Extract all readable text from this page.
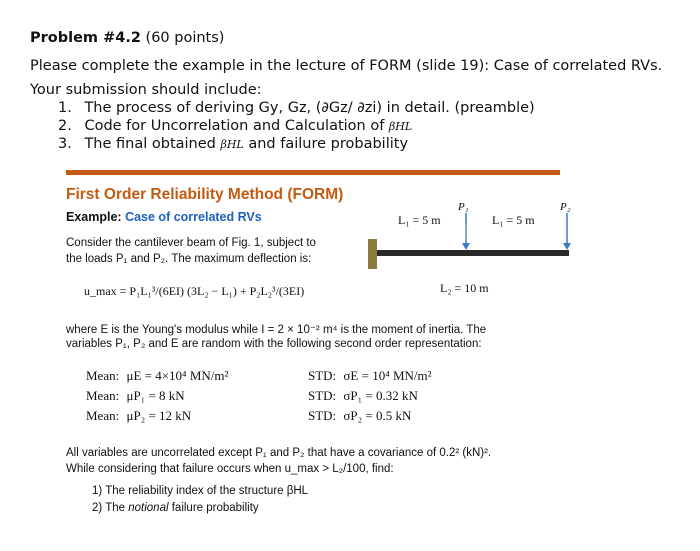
Problem #4.2 (60 points)
Please complete the example in the lecture of FORM (slide 19): Case of correlated RVs.
Your submission should include:
1. The process of deriving Gy, Gz, (∂Gz/ ∂zi) in detail. (preamble)
2. Code for Uncorrelation and Calculation of βHL
3. The final obtained βHL and failure probability
First Order Reliability Method (FORM)
Example: Case of correlated RVs
Consider the cantilever beam of Fig. 1, subject to
the loads P₁ and P₂. The maximum deflection is:
u_max = P₁L₁³/(6EI) (3L₂ − L₁) + P₂L₂³/(3EI)
P₁	P₂
L₁ = 5 m	L₁ = 5 m
L₂ = 10 m
where E is the Young's modulus while I = 2 × 10⁻² m⁴ is the moment of inertia. The
variables P₁, P₂ and E are random with the following second order representation:
Mean: μE = 4×10⁴ MN/m²	STD: σE = 10⁴ MN/m²
Mean: μP₁ = 8 kN	STD: σP₁ = 0.32 kN
Mean: μP₂ = 12 kN	STD: σP₂ = 0.5 kN
All variables are uncorrelated except P₁ and P₂ that have a covariance of 0.2² (kN)².
While considering that failure occurs when u_max > L₂/100, find:
1) The reliability index of the structure βHL
2) The notional failure probability
